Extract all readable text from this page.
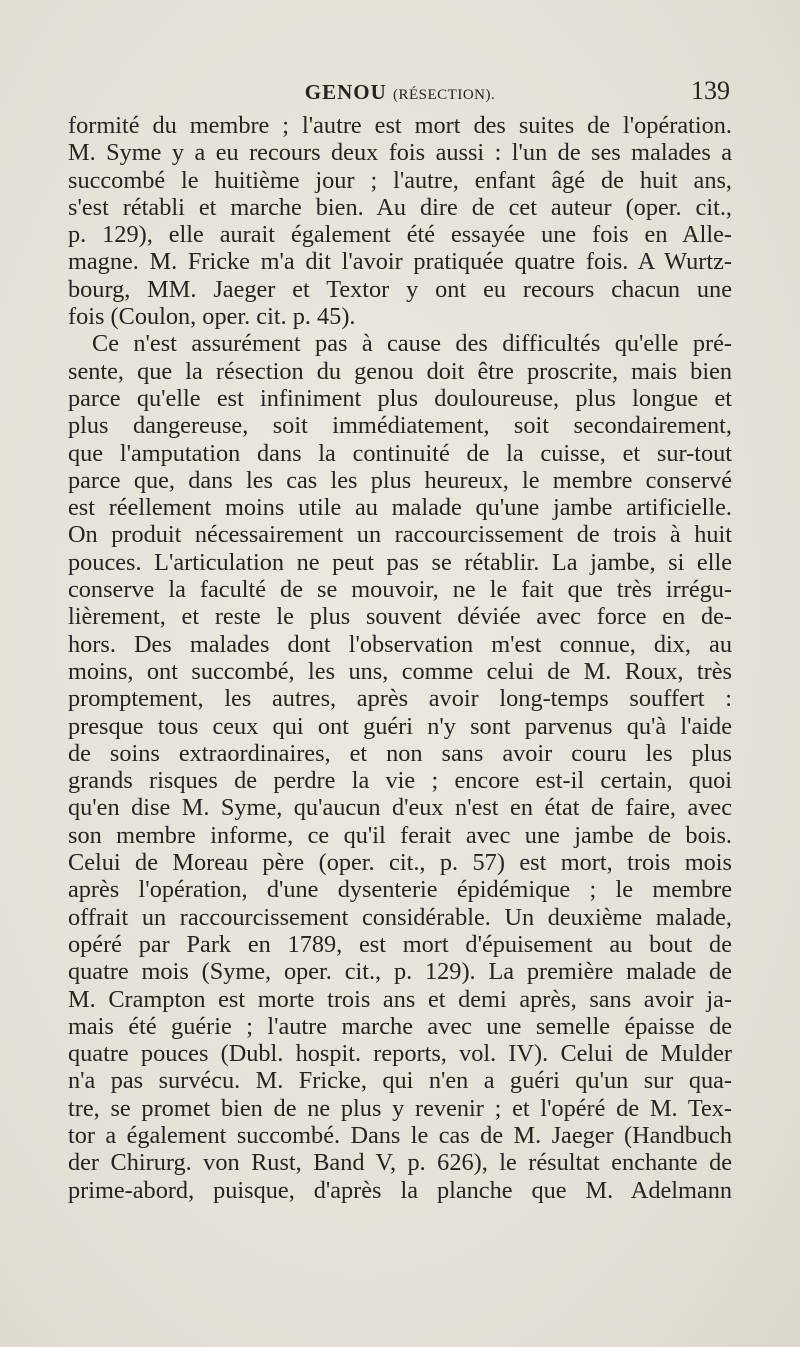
GENOU (RÉSECTION).	139
formité du membre ; l'autre est mort des suites de l'opération.
M. Syme y a eu recours deux fois aussi : l'un de ses malades a
succombé le huitième jour ; l'autre, enfant âgé de huit ans,
s'est rétabli et marche bien. Au dire de cet auteur (oper. cit.,
p. 129), elle aurait également été essayée une fois en Alle-
magne. M. Fricke m'a dit l'avoir pratiquée quatre fois. A Wurtz-
bourg, MM. Jaeger et Textor y ont eu recours chacun une
fois (Coulon, oper. cit. p. 45).
Ce n'est assurément pas à cause des difficultés qu'elle pré-
sente, que la résection du genou doit être proscrite, mais bien
parce qu'elle est infiniment plus douloureuse, plus longue et
plus dangereuse, soit immédiatement, soit secondairement,
que l'amputation dans la continuité de la cuisse, et sur-tout
parce que, dans les cas les plus heureux, le membre conservé
est réellement moins utile au malade qu'une jambe artificielle.
On produit nécessairement un raccourcissement de trois à huit
pouces. L'articulation ne peut pas se rétablir. La jambe, si elle
conserve la faculté de se mouvoir, ne le fait que très irrégu-
lièrement, et reste le plus souvent déviée avec force en de-
hors. Des malades dont l'observation m'est connue, dix, au
moins, ont succombé, les uns, comme celui de M. Roux, très
promptement, les autres, après avoir long-temps souffert :
presque tous ceux qui ont guéri n'y sont parvenus qu'à l'aide
de soins extraordinaires, et non sans avoir couru les plus
grands risques de perdre la vie ; encore est-il certain, quoi
qu'en dise M. Syme, qu'aucun d'eux n'est en état de faire, avec
son membre informe, ce qu'il ferait avec une jambe de bois.
Celui de Moreau père (oper. cit., p. 57) est mort, trois mois
après l'opération, d'une dysenterie épidémique ; le membre
offrait un raccourcissement considérable. Un deuxième malade,
opéré par Park en 1789, est mort d'épuisement au bout de
quatre mois (Syme, oper. cit., p. 129). La première malade de
M. Crampton est morte trois ans et demi après, sans avoir ja-
mais été guérie ; l'autre marche avec une semelle épaisse de
quatre pouces (Dubl. hospit. reports, vol. IV). Celui de Mulder
n'a pas survécu. M. Fricke, qui n'en a guéri qu'un sur qua-
tre, se promet bien de ne plus y revenir ; et l'opéré de M. Tex-
tor a également succombé. Dans le cas de M. Jaeger (Handbuch
der Chirurg. von Rust, Band V, p. 626), le résultat enchante de
prime-abord, puisque, d'après la planche que M. Adelmann
